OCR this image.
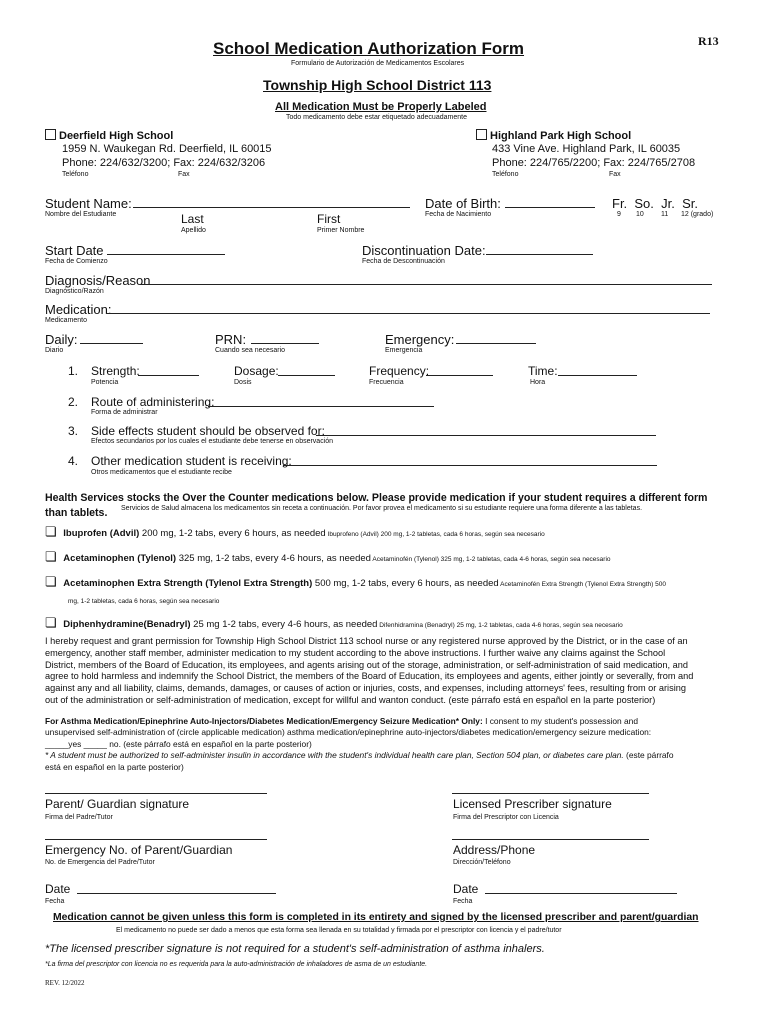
R13
School Medication Authorization Form
Formulario de Autorización de Medicamentos Escolares
Township High School District 113
All Medication Must be Properly Labeled
Todo medicamento debe estar etiquetado adecuadamente
Deerfield High School
1959 N. Waukegan Rd. Deerfield, IL 60015
Phone: 224/632/3200; Fax: 224/632/3206
Teléfono	Fax
Highland Park High School
433 Vine Ave. Highland Park, IL 60035
Phone: 224/765/2200; Fax: 224/765/2708
Teléfono	Fax
Student Name:
Nombre del Estudiante	Last
Apellido
First
Primer Nombre
Date of Birth:
Fecha de Nacimiento
Fr.  So.  Jr.  Sr.
9 10 11 12 (grado)
Start Date
Fecha de Comienzo
Discontinuation Date:
Fecha de Descontinuación
Diagnosis/Reason
Diagnóstico/Razón
Medication:
Medicamento
Daily:
Diario
PRN:
Cuando sea necesario
Emergency:
Emergencia
1. Strength:
Potencia
Dosage:
Dosis
Frequency:
Frecuencia
Time:
Hora
2. Route of administering:
Forma de administrar
3. Side effects student should be observed for:
Efectos secundarios por los cuales el estudiante debe tenerse en observación
4. Other medication student is receiving:
Otros medicamentos que el estudiante recibe
Health Services stocks the Over the Counter medications below. Please provide medication if your student requires a different form
than tablets. Servicios de Salud almacena los medicamentos sin receta a continuación. Por favor provea el medicamento si su estudiante requiere una forma diferente a las tabletas.
❏ Ibuprofen (Advil) 200 mg, 1-2 tabs, every 6 hours, as needed Ibuprofeno (Advil) 200 mg, 1-2 tabletas, cada 6 horas, según sea necesario
❏ Acetaminophen (Tylenol) 325 mg, 1-2 tabs, every 4-6 hours, as needed Acetaminofén (Tylenol) 325 mg, 1-2 tabletas, cada 4-6 horas, según sea necesario
❏ Acetaminophen Extra Strength (Tylenol Extra Strength) 500 mg, 1-2 tabs, every 6 hours, as needed Acetaminofén Extra Strength (Tylenol Extra Strength) 500
mg, 1-2 tabletas, cada 6 horas, según sea necesario
❏ Diphenhydramine(Benadryl) 25 mg 1-2 tabs, every 4-6 hours, as needed Difenhidramina (Benadryl) 25 mg, 1-2 tabletas, cada 4-6 horas, según sea necesario
I hereby request and grant permission for Township High School District 113 school nurse or any registered nurse approved by the District, or in the case of an
emergency, another staff member, administer medication to my student according to the above instructions. I further waive any claims against the School
District, members of the Board of Education, its employees, and agents arising out of the storage, administration, or self-administration of said medication, and
agree to hold harmless and indemnify the School District, the members of the Board of Education, its employees and agents, either jointly or severally, from and
against any and all liability, claims, demands, damages, or causes of action or injuries, costs, and expenses, including attorneys' fees, resulting from or arising
out of the administration or self-administration of medication, except for willful and wanton conduct. (este párrafo está en español en la parte posterior)
For Asthma Medication/Epinephrine Auto-Injectors/Diabetes Medication/Emergency Seizure Medication* Only: I consent to my student's possession and
unsupervised self-administration of (circle applicable medication) asthma medication/epinephrine auto-injectors/diabetes medication/emergency seizure medication:
_____yes _____ no. (este párrafo está en español en la parte posterior)
* A student must be authorized to self-administer insulin in accordance with the student's individual health care plan, Section 504 plan, or diabetes care plan. (este párrafo
está en español en la parte posterior)
Parent/ Guardian signature
Firma del Padre/Tutor
Licensed Prescriber signature
Firma del Prescriptor con Licencia
Emergency No. of Parent/Guardian
No. de Emergencia del Padre/Tutor
Address/Phone
Dirección/Teléfono
Date
Fecha
Date
Fecha
Medication cannot be given unless this form is completed in its entirety and signed by the licensed prescriber and parent/guardian
El medicamento no puede ser dado a menos que esta forma sea llenada en su totalidad y firmada por el prescriptor con licencia y el padre/tutor
*The licensed prescriber signature is not required for a student's self-administration of asthma inhalers.
*La firma del prescriptor con licencia no es requerida para la auto-administración de inhaladores de asma de un estudiante.
REV. 12/2022
